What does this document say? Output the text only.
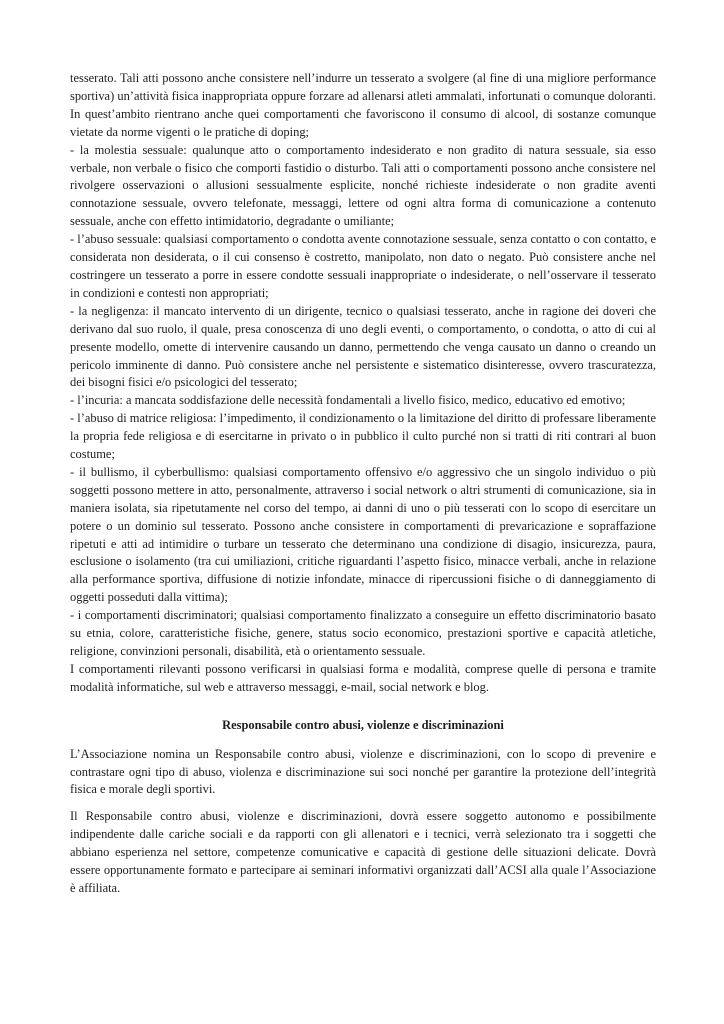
tesserato. Tali atti possono anche consistere nell’indurre un tesserato a svolgere (al fine di una migliore performance sportiva) un’attività fisica inappropriata oppure forzare ad allenarsi atleti ammalati, infortunati o comunque doloranti. In quest’ambito rientrano anche quei comportamenti che favoriscono il consumo di alcool, di sostanze comunque vietate da norme vigenti o le pratiche di doping;

- la molestia sessuale: qualunque atto o comportamento indesiderato e non gradito di natura sessuale, sia esso verbale, non verbale o fisico che comporti fastidio o disturbo. Tali atti o comportamenti possono anche consistere nel rivolgere osservazioni o allusioni sessualmente esplicite, nonché richieste indesiderate o non gradite aventi connotazione sessuale, ovvero telefonate, messaggi, lettere od ogni altra forma di comunicazione a contenuto sessuale, anche con effetto intimidatorio, degradante o umiliante;

- l’abuso sessuale: qualsiasi comportamento o condotta avente connotazione sessuale, senza contatto o con contatto, e considerata non desiderata, o il cui consenso è costretto, manipolato, non dato o negato. Può consistere anche nel costringere un tesserato a porre in essere condotte sessuali inappropriate o indesiderate, o nell’osservare il tesserato in condizioni e contesti non appropriati;

- la negligenza: il mancato intervento di un dirigente, tecnico o qualsiasi tesserato, anche in ragione dei doveri che derivano dal suo ruolo, il quale, presa conoscenza di uno degli eventi, o comportamento, o condotta, o atto di cui al presente modello, omette di intervenire causando un danno, permettendo che venga causato un danno o creando un pericolo imminente di danno. Può consistere anche nel persistente e sistematico disinteresse, ovvero trascuratezza, dei bisogni fisici e/o psicologici del tesserato;

- l’incuria: a mancata soddisfazione delle necessità fondamentali a livello fisico, medico, educativo ed emotivo;

- l’abuso di matrice religiosa: l’impedimento, il condizionamento o la limitazione del diritto di professare liberamente la propria fede religiosa e di esercitarne in privato o in pubblico il culto purché non si tratti di riti contrari al buon costume;

- il bullismo, il cyberbullismo: qualsiasi comportamento offensivo e/o aggressivo che un singolo individuo o più soggetti possono mettere in atto, personalmente, attraverso i social network o altri strumenti di comunicazione, sia in maniera isolata, sia ripetutamente nel corso del tempo, ai danni di uno o più tesserati con lo scopo di esercitare un potere o un dominio sul tesserato. Possono anche consistere in comportamenti di prevaricazione e sopraffazione ripetuti e atti ad intimidire o turbare un tesserato che determinano una condizione di disagio, insicurezza, paura, esclusione o isolamento (tra cui umiliazioni, critiche riguardanti l’aspetto fisico, minacce verbali, anche in relazione alla performance sportiva, diffusione di notizie infondate, minacce di ripercussioni fisiche o di danneggiamento di oggetti posseduti dalla vittima);

- i comportamenti discriminatori; qualsiasi comportamento finalizzato a conseguire un effetto discriminatorio basato su etnia, colore, caratteristiche fisiche, genere, status socio economico, prestazioni sportive e capacità atletiche, religione, convinzioni personali, disabilità, età o orientamento sessuale.

I comportamenti rilevanti possono verificarsi in qualsiasi forma e modalità, comprese quelle di persona e tramite modalità informatiche, sul web e attraverso messaggi, e-mail, social network e blog.

Responsabile contro abusi, violenze e discriminazioni

L’Associazione nomina un Responsabile contro abusi, violenze e discriminazioni, con lo scopo di prevenire e contrastare ogni tipo di abuso, violenza e discriminazione sui soci nonché per garantire la protezione dell’integrità fisica e morale degli sportivi.

Il Responsabile contro abusi, violenze e discriminazioni, dovrà essere soggetto autonomo e possibilmente indipendente dalle cariche sociali e da rapporti con gli allenatori e i tecnici, verrà selezionato tra i soggetti che abbiano esperienza nel settore, competenze comunicative e capacità di gestione delle situazioni delicate. Dovrà essere opportunamente formato e partecipare ai seminari informativi organizzati dall’ACSI alla quale l’Associazione è affiliata.
